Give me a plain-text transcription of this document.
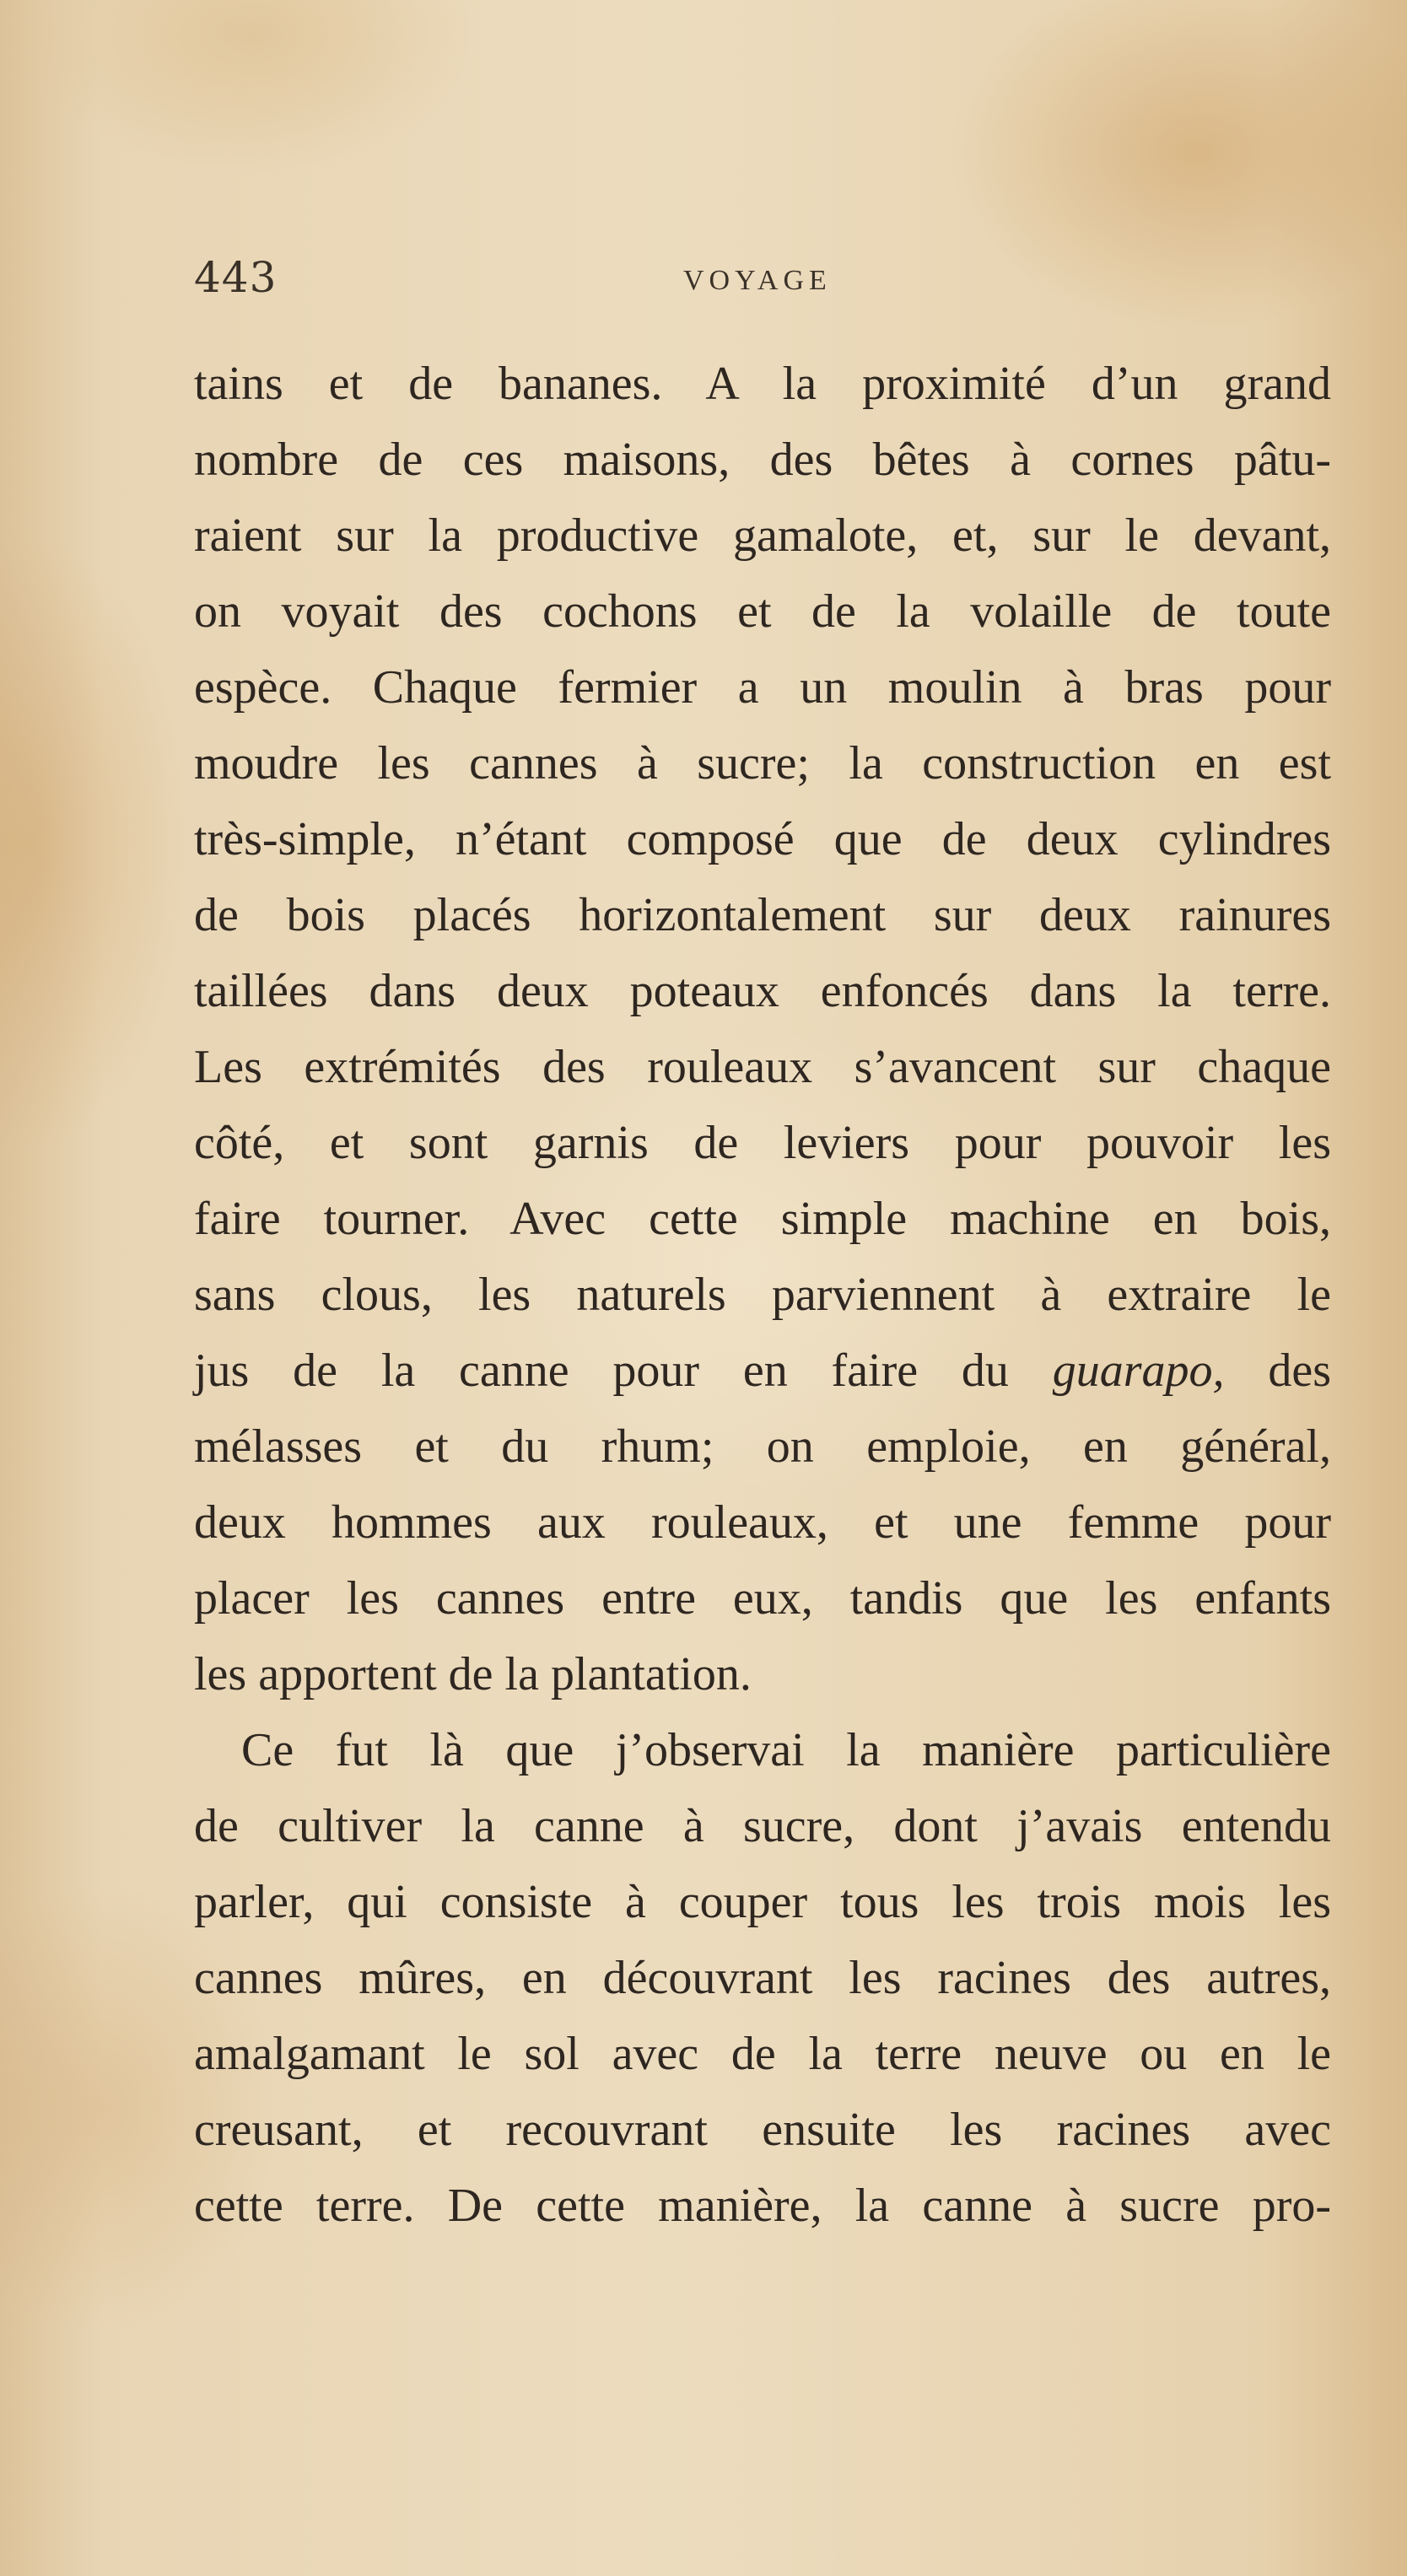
443	VOYAGE
tains et de bananes. A la proximité d’un grand
nombre de ces maisons, des bêtes à cornes pâtu-
raient sur la productive gamalote, et, sur le devant,
on voyait des cochons et de la volaille de toute
espèce. Chaque fermier a un moulin à bras pour
moudre les cannes à sucre; la construction en est
très-simple, n’étant composé que de deux cylindres
de bois placés horizontalement sur deux rainures
taillées dans deux poteaux enfoncés dans la terre.
Les extrémités des rouleaux s’avancent sur chaque
côté, et sont garnis de leviers pour pouvoir les
faire tourner. Avec cette simple machine en bois,
sans clous, les naturels parviennent à extraire le
jus de la canne pour en faire du guarapo, des
mélasses et du rhum; on emploie, en général,
deux hommes aux rouleaux, et une femme pour
placer les cannes entre eux, tandis que les enfants
les apportent de la plantation.
Ce fut là que j’observai la manière particulière
de cultiver la canne à sucre, dont j’avais entendu
parler, qui consiste à couper tous les trois mois les
cannes mûres, en découvrant les racines des autres,
amalgamant le sol avec de la terre neuve ou en le
creusant, et recouvrant ensuite les racines avec
cette terre. De cette manière, la canne à sucre pro-
